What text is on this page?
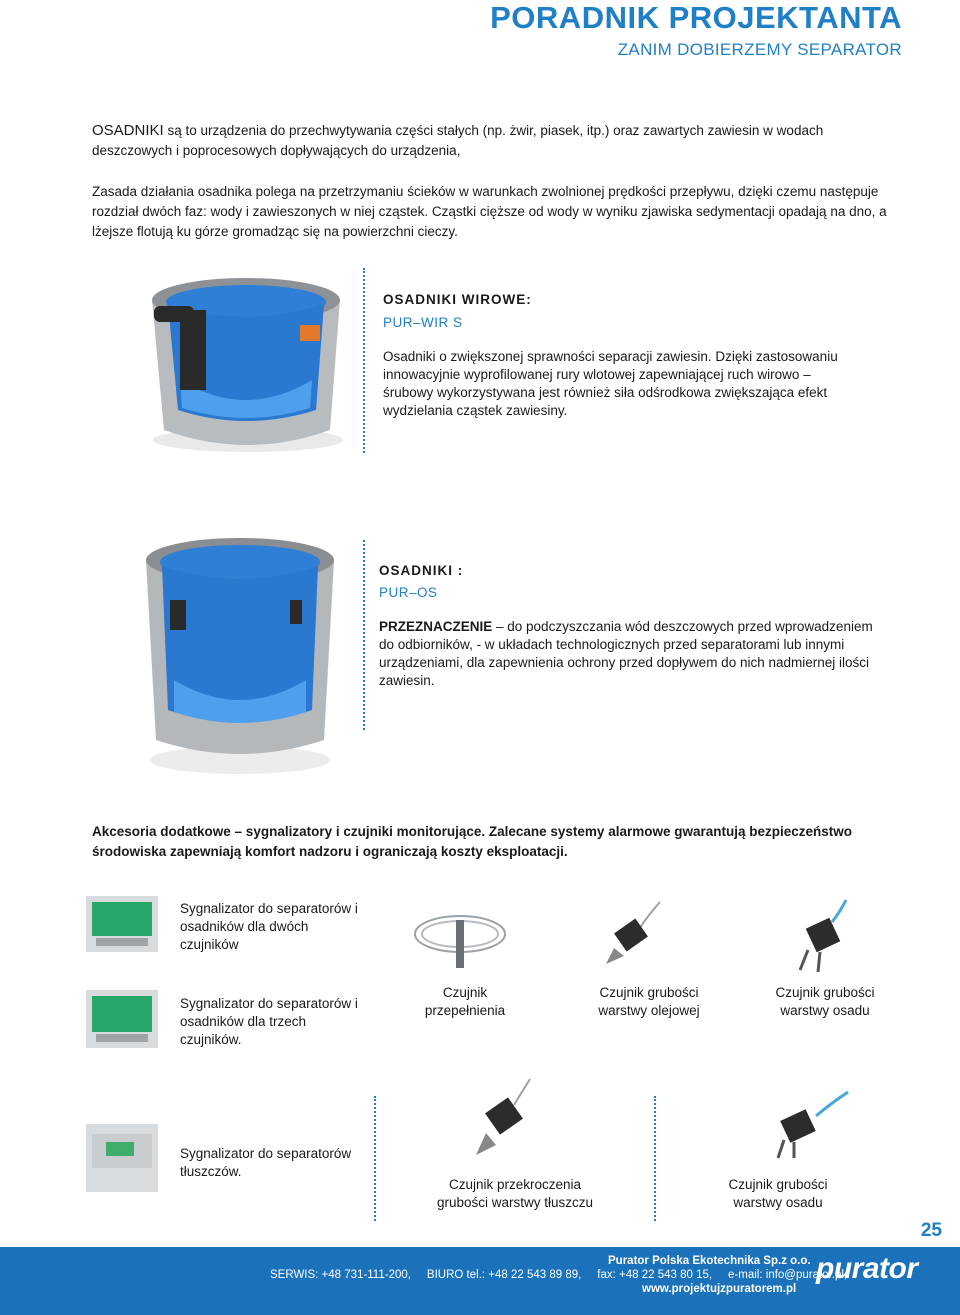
PORADNIK PROJEKTANTA
ZANIM DOBIERZEMY SEPARATOR
OSADNIKI są to urządzenia do przechwytywania części stałych (np. żwir, piasek, itp.) oraz zawartych zawiesin w wodach deszczowych i poprocesowych dopływających do urządzenia,
Zasada działania osadnika polega na przetrzymaniu ścieków w warunkach zwolnionej prędkości przepływu, dzięki czemu następuje rozdział dwóch faz: wody i zawieszonych w niej cząstek. Cząstki cięższe od wody w wyniku zjawiska sedymentacji opadają na dno, a lżejsze flotują ku górze gromadząc się na powierzchni cieczy.
OSADNIKI WIROWE:
PUR–WIR S
Osadniki o zwiększonej sprawności separacji zawiesin. Dzięki zastosowaniu innowacyjnie wyprofilowanej rury wlotowej zapewniającej ruch wirowo – śrubowy wykorzystywana jest również siła odśrodkowa zwiększająca efekt wydzielania cząstek zawiesiny.
OSADNIKI :
PUR–OS
PRZEZNACZENIE – do podczyszczania wód deszczowych przed wprowadzeniem do odbiorników, - w układach technologicznych przed separatorami lub innymi urządzeniami, dla zapewnienia ochrony przed dopływem do nich nadmiernej ilości zawiesin.
Akcesoria dodatkowe – sygnalizatory i czujniki monitorujące. Zalecane systemy alarmowe gwarantują bezpieczeństwo środowiska zapewniają komfort nadzoru i ograniczają koszty eksploatacji.
Sygnalizator do separatorów i osadników dla dwóch czujników
Sygnalizator do separatorów i osadników dla trzech czujników.
Sygnalizator do separatorów tłuszczów.
Czujnik przepełnienia
Czujnik grubości warstwy olejowej
Czujnik grubości warstwy osadu
Czujnik przekroczenia grubości warstwy tłuszczu
Czujnik grubości warstwy osadu
25
Purator Polska Ekotechnika Sp.z o.o.
SERWIS: +48 731-111-200,     BIURO tel.: +48 22 543 89 89,     fax: +48 22 543 80 15,     e-mail: info@purator.pl,
www.projektujzpuratorem.pl
purator
